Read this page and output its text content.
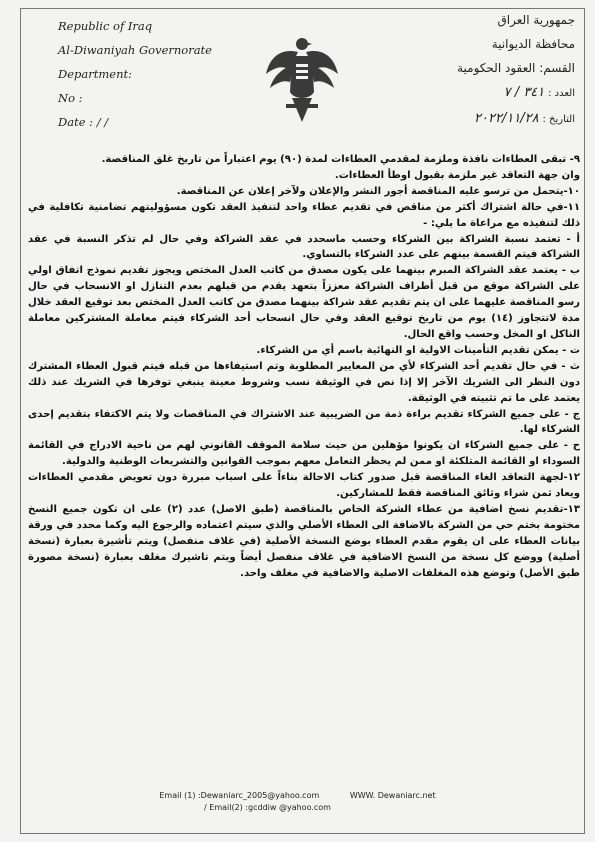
Republic of Iraq
Al-Diwaniyah Governorate
Department:
No :
Date : / /
جمهورية العراق
محافظة الديوانية
القسم: العقود الحكومية
العدد : ٣٤١ / ٧
التاريخ : ٢٠٢٢/١١/٢٨

٩- تبقى العطاءات نافذة وملزمة لمقدمي العطاءات لمدة (٩٠) يوم اعتباراً من تاريخ غلق المناقصة.

وان جهة التعاقد غير ملزمة بقبول اوطأ العطاءات.

١٠-يتحمل من ترسو عليه المناقصة أجور النشر والإعلان ولآخر إعلان عن المناقصة.

١١-في حالة اشتراك أكثر من مناقص في تقديم عطاء واحد لتنفيذ العقد تكون مسؤوليتهم تضامنية تكافلية في ذلك لتنفيذه مع مراعاة ما يلي: -

أ - تعتمد نسبة الشراكة بين الشركاء وحسب ماسحدد في عقد الشراكة وفي حال لم تذكر النسبة في عقد الشراكة فيتم القسمة بينهم على عدد الشركاء بالتساوي.

ب - يعتمد عقد الشراكة المبرم بينهما على يكون مصدق من كاتب العدل المختص ويجوز تقديم نموذج اتفاق اولي على الشراكة موقع من قبل أطراف الشراكة معززاً بتعهد يقدم من قبلهم بعدم التنازل او الانسحاب في حال رسو المناقصة عليهما على ان يتم تقديم عقد شراكة بينهما مصدق من كاتب العدل المختص بعد توقيع العقد خلال مدة لاتتجاوز (١٤) يوم من تاريخ توقيع العقد وفي حال انسحاب أحد الشركاء فيتم معاملة المشتركين معاملة الناكل او المخل وحسب واقع الحال.

ت - يمكن تقديم التأمينات الاولية او النهائية باسم أي من الشركاء.

ث - في حال تقديم أحد الشركاء لأي من المعايير المطلوبة وتم استيفاءها من قبله فيتم قبول العطاء المشترك دون النظر الى الشريك الآخر إلا إذا نص في الوثيقة نسب وشروط معينة ينبغي توفرها في الشريك عند ذلك يعتمد على ما تم تثبيته في الوثيقة.

ج - على جميع الشركاء تقديم براءة ذمة من الضريبية عند الاشتراك في المناقصات ولا يتم الاكتفاء بتقديم إحدى الشركاء لها.

ح - على جميع الشركاء ان يكونوا مؤهلين من حيث سلامة الموقف القانوني لهم من ناحية الادراج في القائمة السوداء او القائمة المتلكئة او ممن لم يحظر التعامل معهم بموجب القوانين والتشريعات الوطنية والدولية.

١٢-لجهة التعاقد الغاء المناقصة قبل صدور كتاب الاحالة بناءاً على اسباب مبررة دون تعويض مقدمي العطاءات ويعاد ثمن شراء وثائق المناقصة فقط للمشاركين.

١٣-تقديم نسخ اضافية من عطاء الشركة الخاص بالمناقصة (طبق الاصل) عدد (٢) على ان تكون جميع النسخ مختومة بختم حي من الشركة بالاضافة الى العطاء الأصلي والذي سيتم اعتماده والرجوع اليه وكما محدد في ورقة بيانات العطاء على ان يقوم مقدم العطاء بوضع النسخة الأصلية (في غلاف منفصل) ويتم تأشيرة بعبارة (نسخة أصلية) ووضع كل نسخة من النسخ الاضافية في غلاف منفصل أيضاً ويتم تاشيرك مغلف بعبارة (نسخة مصورة طبق الأصل) وتوضع هذه المغلفات الاصلية والاضافية في مغلف واحد.

Email (1) :Dewaniarc_2005@yahoo.com	WWW. Dewaniarc.net
/ Email(2) :gcddiw @yahoo.com
